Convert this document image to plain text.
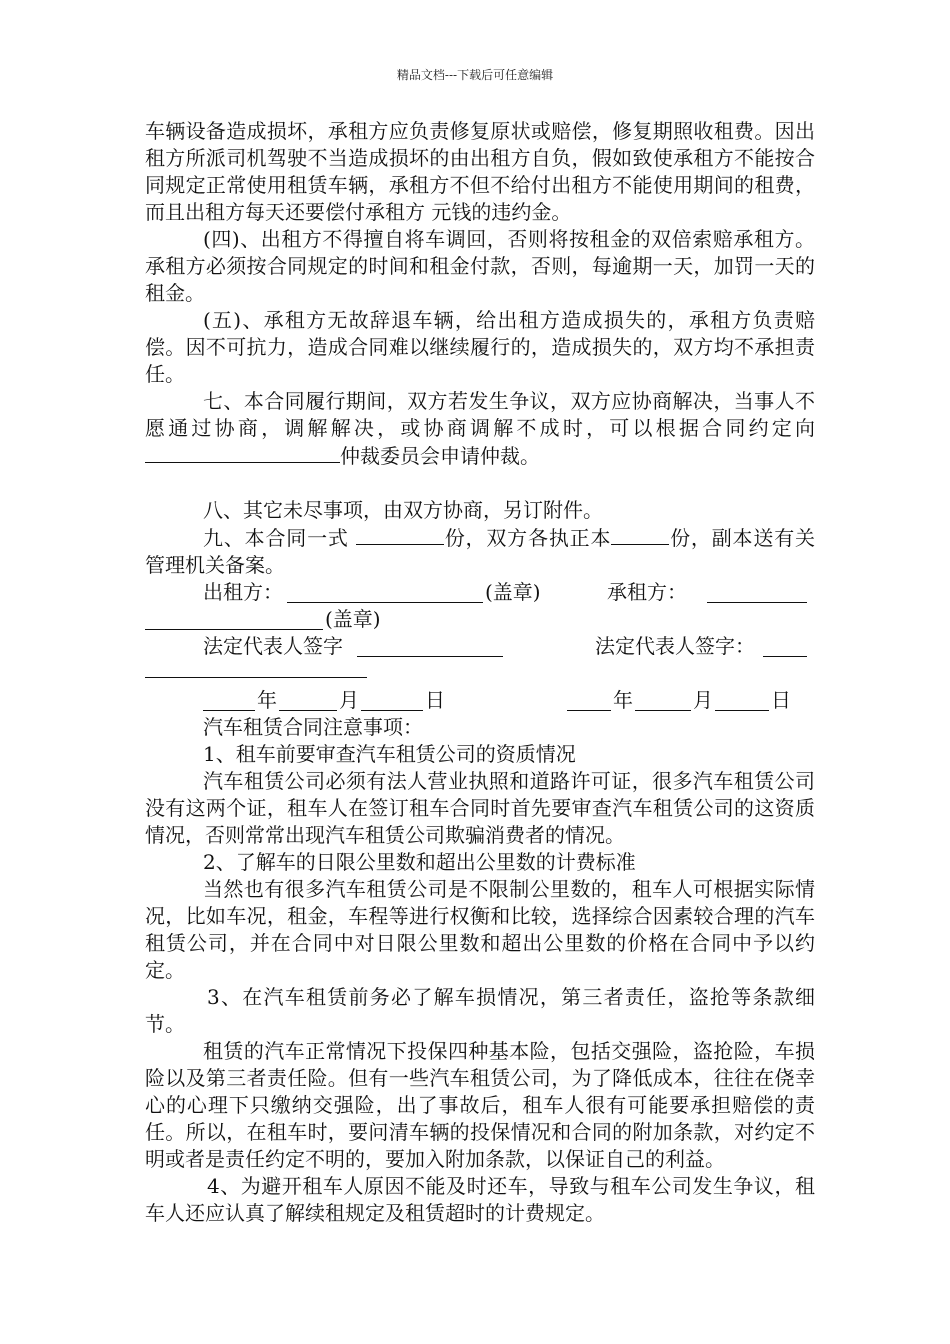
精品文档---下载后可任意编辑

车辆设备造成损坏，承租方应负责修复原状或赔偿，修复期照收租费。因出租方所派司机驾驶不当造成损坏的由出租方自负，假如致使承租方不能按合同规定正常使用租赁车辆，承租方不但不给付出租方不能使用期间的租费，而且出租方每天还要偿付承租方 元钱的违约金。

(四)、出租方不得擅自将车调回，否则将按租金的双倍索赔承租方。承租方必须按合同规定的时间和租金付款，否则，每逾期一天，加罚一天的租金。

(五)、承租方无故辞退车辆，给出租方造成损失的，承租方负责赔偿。因不可抗力，造成合同难以继续履行的，造成损失的，双方均不承担责任。

七、本合同履行期间，双方若发生争议，双方应协商解决，当事人不愿通过协商，调解解决，或协商调解不成时，可以根据合同约定向仲裁委员会申请仲裁。

八、其它未尽事项，由双方协商，另订附件。

九、本合同一式	份，双方各执正本	份，副本送有关管理机关备案。

出租方：	(盖章)	承租方：
(盖章)
法定代表人签字	法定代表人签字：
年	月	日	年	月	日

汽车租赁合同注意事项：

1、租车前要审查汽车租赁公司的资质情况

汽车租赁公司必须有法人营业执照和道路许可证，很多汽车租赁公司没有这两个证，租车人在签订租车合同时首先要审查汽车租赁公司的这资质情况，否则常常出现汽车租赁公司欺骗消费者的情况。

2、了解车的日限公里数和超出公里数的计费标准

当然也有很多汽车租赁公司是不限制公里数的，租车人可根据实际情况，比如车况，租金，车程等进行权衡和比较，选择综合因素较合理的汽车租赁公司，并在合同中对日限公里数和超出公里数的价格在合同中予以约定。

3、在汽车租赁前务必了解车损情况，第三者责任，盗抢等条款细节。

租赁的汽车正常情况下投保四种基本险，包括交强险，盗抢险，车损险以及第三者责任险。但有一些汽车租赁公司，为了降低成本，往往在侥幸心的心理下只缴纳交强险，出了事故后，租车人很有可能要承担赔偿的责任。所以，在租车时，要问清车辆的投保情况和合同的附加条款，对约定不明或者是责任约定不明的，要加入附加条款，以保证自己的利益。

4、为避开租车人原因不能及时还车，导致与租车公司发生争议，租车人还应认真了解续租规定及租赁超时的计费规定。
